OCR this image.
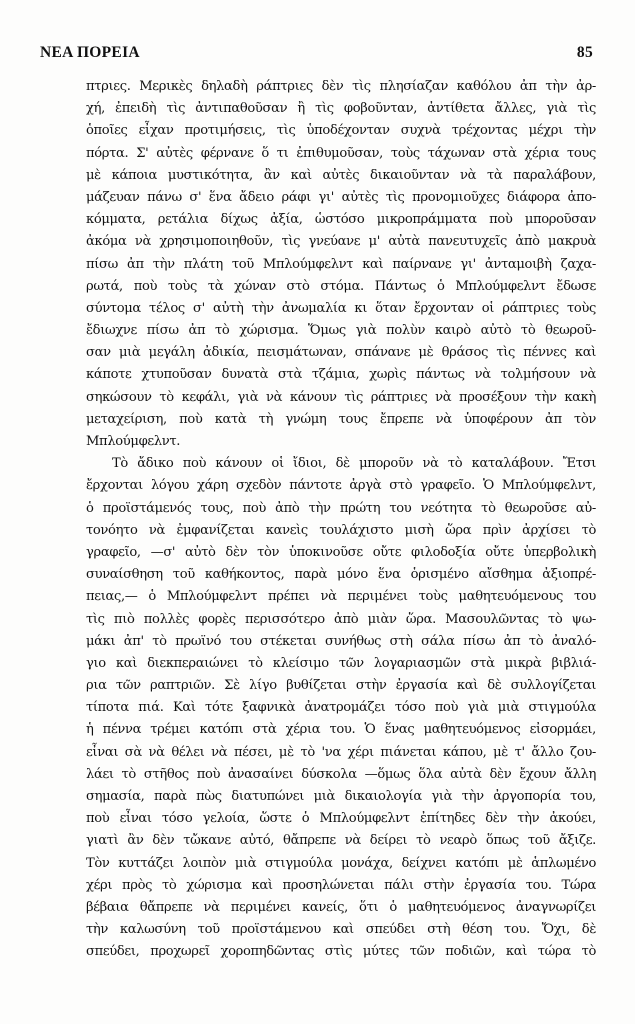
ΝΕΑ ΠΟΡΕΙΑ	85
πτριες. Μερικὲς δηλαδὴ ράπτριες δὲν τὶς πλησίαζαν καθόλου ἀπ τὴν ἀρ-
χή, ἐπειδὴ τὶς ἀντιπαθοῦσαν ἢ τὶς φοβοῦνταν, ἀντίθετα ἄλλες, γιὰ τὶς
ὁποῖες εἶχαν προτιμήσεις, τὶς ὑποδέχονταν συχνὰ τρέχοντας μέχρι τὴν
πόρτα. Σ' αὐτὲς φέρνανε ὅ τι ἐπιθυμοῦσαν, τοὺς τάχωναν στὰ χέρια τους
μὲ κάποια μυστικότητα, ἂν καὶ αὐτὲς δικαιοῦνταν νὰ τὰ παραλάβουν,
μάζευαν πάνω σ' ἕνα ἄδειο ράφι γι' αὐτὲς τὶς προνομιοῦχες διάφορα ἀπο-
κόμματα, ρετάλια δίχως ἀξία, ὡστόσο μικροπράμματα ποὺ μποροῦσαν
ἀκόμα νὰ χρησιμοποιηθοῦν, τὶς γνεύανε μ' αὐτὰ πανευτυχεῖς ἀπὸ μακρυὰ
πίσω ἀπ τὴν πλάτη τοῦ Μπλούμφελντ καὶ παίρνανε γι' ἀνταμοιβὴ ζαχα-
ρωτά, ποὺ τοὺς τὰ χώναν στὸ στόμα. Πάντως ὁ Μπλούμφελντ ἔδωσε
σύντομα τέλος σ' αὐτὴ τὴν ἀνωμαλία κι ὅταν ἔρχονταν οἱ ράπτριες τοὺς
ἔδιωχνε πίσω ἀπ τὸ χώρισμα. Ὅμως γιὰ πολὺν καιρὸ αὐτὸ τὸ θεωροῦ-
σαν μιὰ μεγάλη ἀδικία, πεισμάτωναν, σπάνανε μὲ θράσος τὶς πέννες καὶ
κάποτε χτυποῦσαν δυνατὰ στὰ τζάμια, χωρὶς πάντως νὰ τολμήσουν νὰ
σηκώσουν τὸ κεφάλι, γιὰ νὰ κάνουν τὶς ράπτριες νὰ προσέξουν τὴν κακὴ
μεταχείριση, ποὺ κατὰ τὴ γνώμη τους ἔπρεπε νὰ ὑποφέρουν ἀπ τὸν
Μπλούμφελντ.
Τὸ ἄδικο ποὺ κάνουν οἱ ἴδιοι, δὲ μποροῦν νὰ τὸ καταλάβουν. Ἔτσι
ἔρχονται λόγου χάρη σχεδὸν πάντοτε ἀργὰ στὸ γραφεῖο. Ὁ Μπλούμφελντ,
ὁ προϊστάμενός τους, ποὺ ἀπὸ τὴν πρώτη του νεότητα τὸ θεωροῦσε αὐ-
τονόητο νὰ ἐμφανίζεται κανεὶς τουλάχιστο μισὴ ὥρα πρὶν ἀρχίσει τὸ
γραφεῖο, —σ' αὐτὸ δὲν τὸν ὑποκινοῦσε οὔτε φιλοδοξία οὔτε ὑπερβολικὴ
συναίσθηση τοῦ καθήκοντος, παρὰ μόνο ἕνα ὁρισμένο αἴσθημα ἀξιοπρέ-
πειας,— ὁ Μπλούμφελντ πρέπει νὰ περιμένει τοὺς μαθητευόμενους του
τὶς πιὸ πολλὲς φορὲς περισσότερο ἀπὸ μιὰν ὥρα. Μασουλῶντας τὸ ψω-
μάκι ἀπ' τὸ πρωϊνό του στέκεται συνήθως στὴ σάλα πίσω ἀπ τὸ ἀναλό-
γιο καὶ διεκπεραιώνει τὸ κλείσιμο τῶν λογαριασμῶν στὰ μικρὰ βιβλιά-
ρια τῶν ραπτριῶν. Σὲ λίγο βυθίζεται στὴν ἐργασία καὶ δὲ συλλογίζεται
τίποτα πιά. Καὶ τότε ξαφνικὰ ἀνατρομάζει τόσο ποὺ γιὰ μιὰ στιγμούλα
ἡ πέννα τρέμει κατόπι στὰ χέρια του. Ὁ ἕνας μαθητευόμενος εἰσορμάει,
εἶναι σὰ νὰ θέλει νὰ πέσει, μὲ τὸ 'να χέρι πιάνεται κάπου, μὲ τ' ἄλλο ζου-
λάει τὸ στῆθος ποὺ ἀνασαίνει δύσκολα —ὅμως ὅλα αὐτὰ δὲν ἔχουν ἄλλη
σημασία, παρὰ πὼς διατυπώνει μιὰ δικαιολογία γιὰ τὴν ἀργοπορία του,
ποὺ εἶναι τόσο γελοία, ὥστε ὁ Μπλούμφελντ ἐπίτηδες δὲν τὴν ἀκούει,
γιατὶ ἂν δὲν τὤκανε αὐτό, θἄπρεπε νὰ δείρει τὸ νεαρὸ ὅπως τοῦ ἄξιζε.
Τὸν κυττάζει λοιπὸν μιὰ στιγμούλα μονάχα, δείχνει κατόπι μὲ ἁπλωμένο
χέρι πρὸς τὸ χώρισμα καὶ προσηλώνεται πάλι στὴν ἐργασία του. Τώρα
βέβαια θἄπρεπε νὰ περιμένει κανείς, ὅτι ὁ μαθητευόμενος ἀναγνωρίζει
τὴν καλωσύνη τοῦ προϊστάμενου καὶ σπεύδει στὴ θέση του. Ὄχι, δὲ
σπεύδει, προχωρεῖ χοροπηδῶντας στὶς μύτες τῶν ποδιῶν, καὶ τώρα τὸ
